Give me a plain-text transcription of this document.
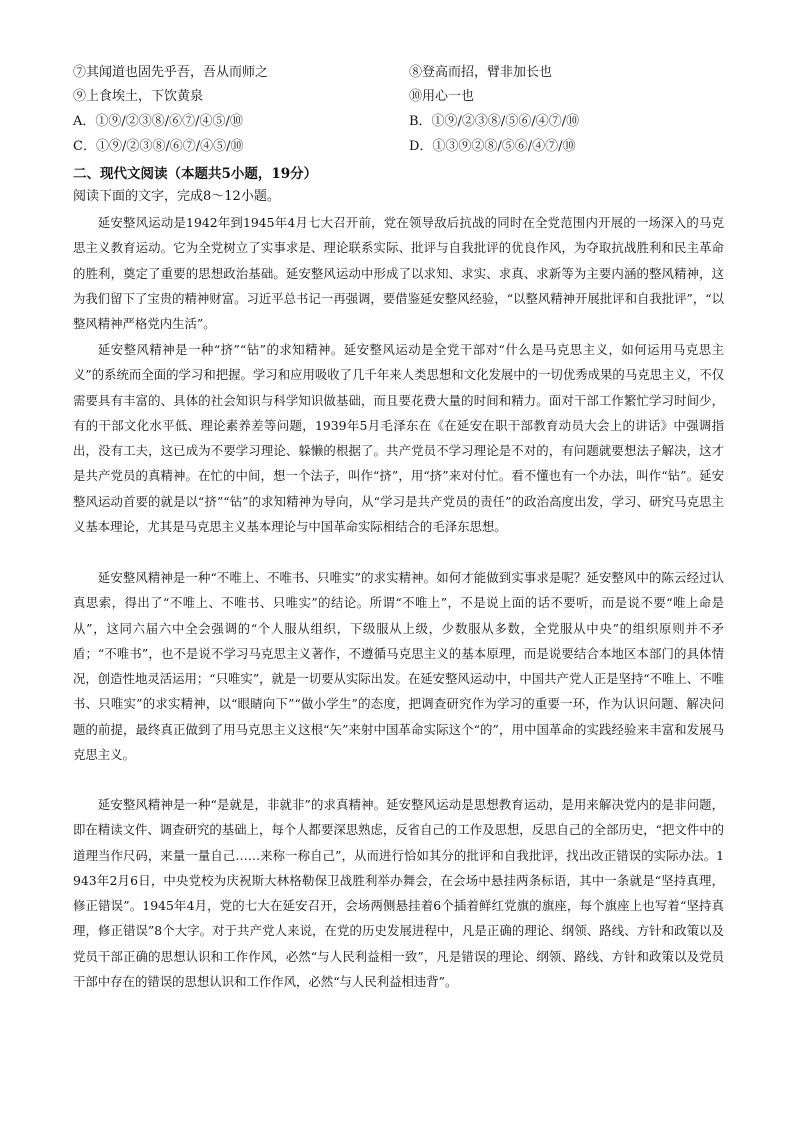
⑦其闻道也固先乎吾，吾从而师之	⑧登高而招，臂非加长也
⑨上食埃土，下饮黄泉	⑩用心一也
A．①⑨/②③⑧/⑥⑦/④⑤/⑩	B．①⑨/②③⑧/⑤⑥/④⑦/⑩
C．①⑨/②③⑧/⑥⑦/④⑤/⑩	D．①③⑨②⑧/⑤⑥/④⑦/⑩
二、现代文阅读（本题共5小题，19分）
阅读下面的文字，完成8～12小题。

延安整风运动是1942年到1945年4月七大召开前，党在领导敌后抗战的同时在全党范围内开展的一场深入的马克思主义教育运动。它为全党树立了实事求是、理论联系实际、批评与自我批评的优良作风，为夺取抗战胜利和民主革命的胜利，奠定了重要的思想政治基础。延安整风运动中形成了以求知、求实、求真、求新等为主要内涵的整风精神，这为我们留下了宝贵的精神财富。习近平总书记一再强调，要借鉴延安整风经验，“以整风精神开展批评和自我批评”，“以整风精神严格党内生活”。

延安整风精神是一种“挤”“钻”的求知精神。延安整风运动是全党干部对“什么是马克思主义，如何运用马克思主义”的系统而全面的学习和把握。学习和应用吸收了几千年来人类思想和文化发展中的一切优秀成果的马克思主义，不仅需要具有丰富的、具体的社会知识与科学知识做基础，而且要花费大量的时间和精力。面对干部工作繁忙学习时间少，有的干部文化水平低、理论素养差等问题，1939年5月毛泽东在《在延安在职干部教育动员大会上的讲话》中强调指出，没有工夫，这已成为不要学习理论、躲懒的根据了。共产党员不学习理论是不对的，有问题就要想法子解决，这才是共产党员的真精神。在忙的中间，想一个法子，叫作“挤”，用“挤”来对付忙。看不懂也有一个办法，叫作“钻”。延安整风运动首要的就是以“挤”“钻”的求知精神为导向，从“学习是共产党员的责任”的政治高度出发，学习、研究马克思主义基本理论，尤其是马克思主义基本理论与中国革命实际相结合的毛泽东思想。

延安整风精神是一种“不唯上、不唯书、只唯实”的求实精神。如何才能做到实事求是呢？延安整风中的陈云经过认真思索，得出了“不唯上、不唯书、只唯实”的结论。所谓“不唯上”，不是说上面的话不要听，而是说不要“唯上命是从”，这同六届六中全会强调的“个人服从组织，下级服从上级，少数服从多数，全党服从中央”的组织原则并不矛盾；“不唯书”，也不是说不学习马克思主义著作，不遵循马克思主义的基本原理，而是说要结合本地区本部门的具体情况，创造性地灵活运用；“只唯实”，就是一切要从实际出发。在延安整风运动中，中国共产党人正是坚持“不唯上、不唯书、只唯实”的求实精神，以“眼睛向下”“做小学生”的态度，把调查研究作为学习的重要一环，作为认识问题、解决问题的前提，最终真正做到了用马克思主义这根“矢”来射中国革命实际这个“的”，用中国革命的实践经验来丰富和发展马克思主义。

延安整风精神是一种“是就是，非就非”的求真精神。延安整风运动是思想教育运动，是用来解决党内的是非问题，即在精读文件、调查研究的基础上，每个人都要深思熟虑，反省自己的工作及思想，反思自己的全部历史，“把文件中的道理当作尺码，来量一量自己……来称一称自己”，从而进行恰如其分的批评和自我批评，找出改正错误的实际办法。1943年2月6日，中央党校为庆祝斯大林格勒保卫战胜利举办舞会，在会场中悬挂两条标语，其中一条就是“坚持真理，修正错误”。1945年4月，党的七大在延安召开，会场两侧悬挂着6个插着鲜红党旗的旗座，每个旗座上也写着“坚持真理，修正错误”8个大字。对于共产党人来说，在党的历史发展进程中，凡是正确的理论、纲领、路线、方针和政策以及党员干部正确的思想认识和工作作风，必然“与人民利益相一致”，凡是错误的理论、纲领、路线、方针和政策以及党员干部中存在的错误的思想认识和工作作风，必然“与人民利益相违背”。
